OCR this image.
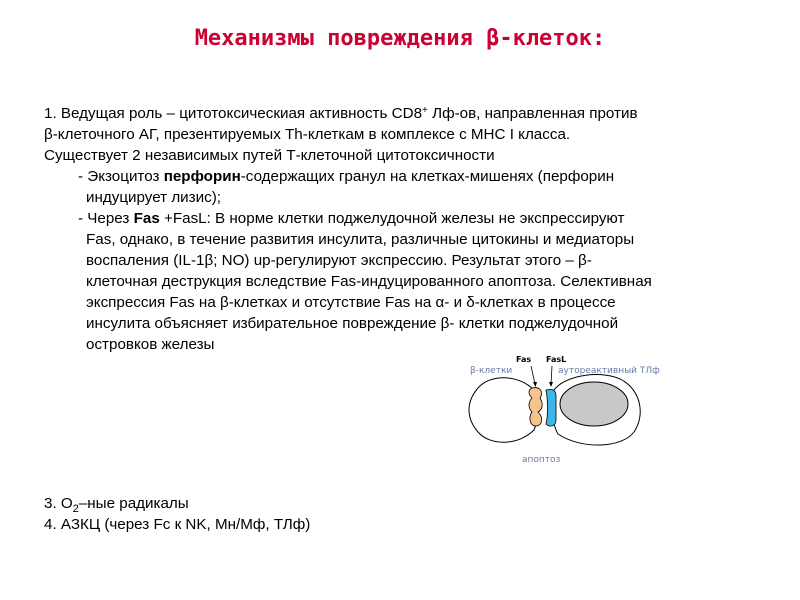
Механизмы повреждения β-клеток:
1. Ведущая роль – цитотоксическиая активность CD8+ Лф-ов, направленная против
β-клеточного АГ, презентируемых Th-клеткам в комплексе с МНС I класса.
Существует 2 независимых путей Т-клеточной цитотоксичности
- Экзоцитоз перфорин-содержащих гранул на клетках-мишенях (перфорин
индуцирует лизис);
- Через Fas +FasL: В норме клетки поджелудочной железы не экспрессируют
Fas, однако, в течение развития инсулита, различные цитокины и медиаторы
воспаления (IL-1β; NO) up-регулируют экспрессию. Результат этого – β-
клеточная деструкция вследствие Fas-индуцированного апоптоза. Селективная
экспрессия Fas на β-клетках и отсутствие Fas на α- и δ-клетках в процессе
инсулита объясняет избирательное повреждение β- клетки поджелудочной
островков железы
Fas FasL
β-клетки	аутореактивный ТЛф
апоптоз
3. $O_2$–ные радикалы
4. АЗКЦ (через Fc к NK, Мн/Мф, ТЛф)
